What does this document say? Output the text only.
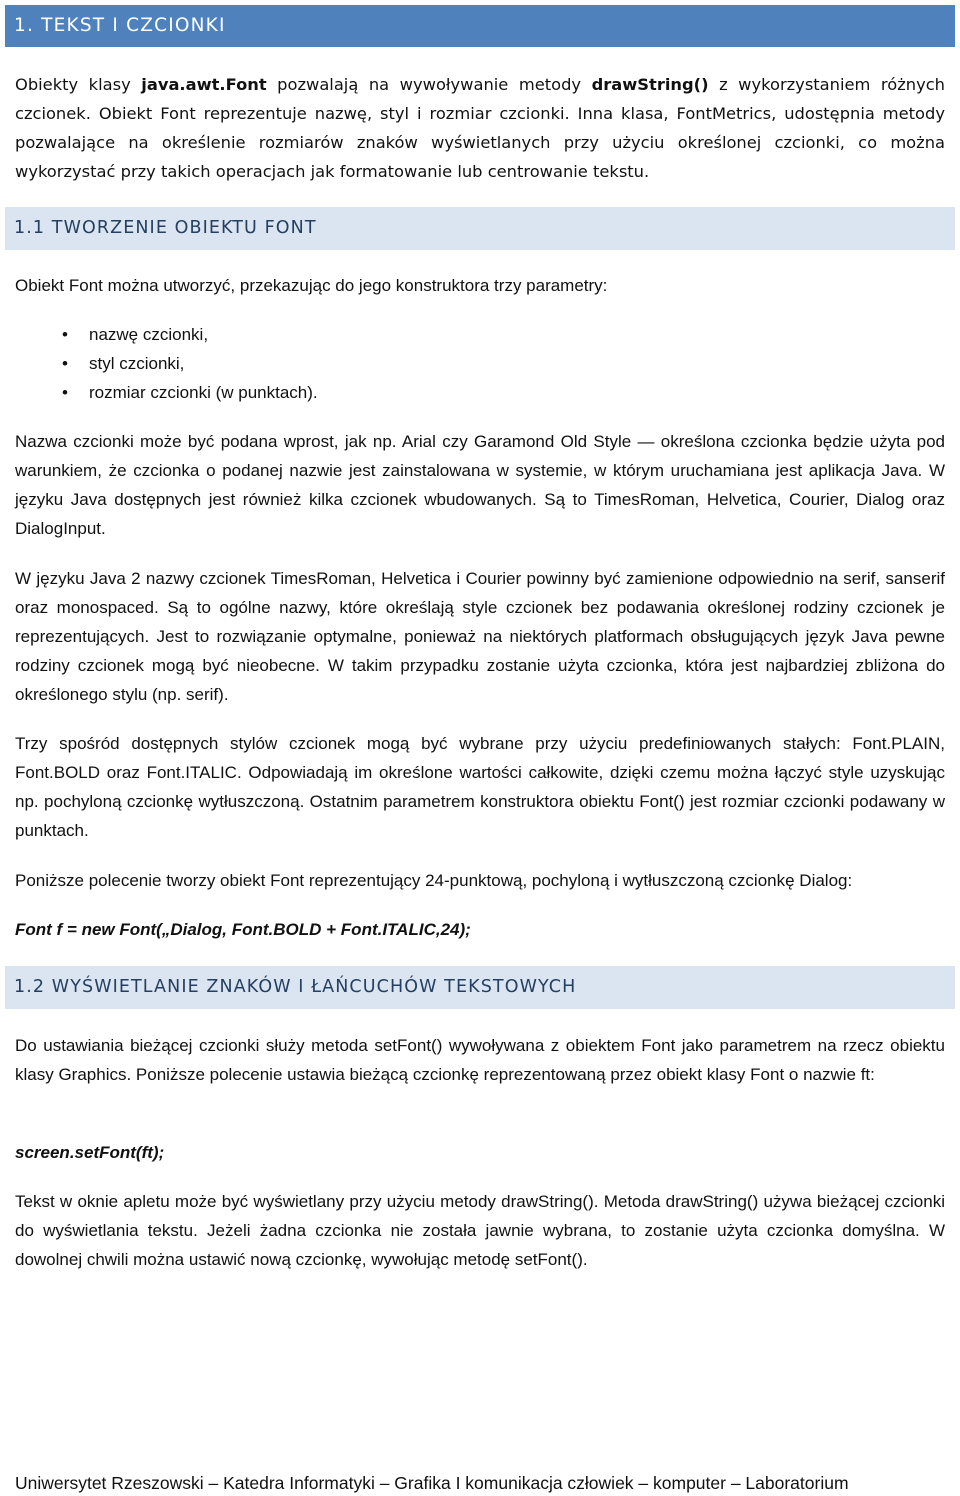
1. TEKST I CZCIONKI

Obiekty klasy java.awt.Font pozwalają na wywoływanie metody drawString() z wykorzystaniem różnych czcionek. Obiekt Font reprezentuje nazwę, styl i rozmiar czcionki. Inna klasa, FontMetrics, udostępnia metody pozwalające na określenie rozmiarów znaków wyświetlanych przy użyciu określonej czcionki, co można wykorzystać przy takich operacjach jak formatowanie lub centrowanie tekstu.

1.1 TWORZENIE OBIEKTU FONT

Obiekt Font można utworzyć, przekazując do jego konstruktora trzy parametry:

• nazwę czcionki,
• styl czcionki,
• rozmiar czcionki (w punktach).

Nazwa czcionki może być podana wprost, jak np. Arial czy Garamond Old Style — określona czcionka będzie użyta pod warunkiem, że czcionka o podanej nazwie jest zainstalowana w systemie, w którym uruchamiana jest aplikacja Java. W języku Java dostępnych jest również kilka czcionek wbudowanych. Są to TimesRoman, Helvetica, Courier, Dialog oraz DialogInput.

W języku Java 2 nazwy czcionek TimesRoman, Helvetica i Courier powinny być zamienione odpowiednio na serif, sanserif oraz monospaced. Są to ogólne nazwy, które określają style czcionek bez podawania określonej rodziny czcionek je reprezentujących. Jest to rozwiązanie optymalne, ponieważ na niektórych platformach obsługujących język Java pewne rodziny czcionek mogą być nieobecne. W takim przypadku zostanie użyta czcionka, która jest najbardziej zbliżona do określonego stylu (np. serif).

Trzy spośród dostępnych stylów czcionek mogą być wybrane przy użyciu predefiniowanych stałych: Font.PLAIN, Font.BOLD oraz Font.ITALIC. Odpowiadają im określone wartości całkowite, dzięki czemu można łączyć style uzyskując np. pochyloną czcionkę wytłuszczoną. Ostatnim parametrem konstruktora obiektu Font() jest rozmiar czcionki podawany w punktach.

Poniższe polecenie tworzy obiekt Font reprezentujący 24-punktową, pochyloną i wytłuszczoną czcionkę Dialog:

Font f = new Font(„Dialog, Font.BOLD + Font.ITALIC,24);

1.2 WYŚWIETLANIE ZNAKÓW I ŁAŃCUCHÓW TEKSTOWYCH

Do ustawiania bieżącej czcionki służy metoda setFont() wywoływana z obiektem Font jako parametrem na rzecz obiektu klasy Graphics. Poniższe polecenie ustawia bieżącą czcionkę reprezentowaną przez obiekt klasy Font o nazwie ft:

screen.setFont(ft);

Tekst w oknie apletu może być wyświetlany przy użyciu metody drawString(). Metoda drawString() używa bieżącej czcionki do wyświetlania tekstu. Jeżeli żadna czcionka nie została jawnie wybrana, to zostanie użyta czcionka domyślna. W dowolnej chwili można ustawić nową czcionkę, wywołując metodę setFont().

Uniwersytet Rzeszowski – Katedra Informatyki – Grafika I komunikacja człowiek – komputer – Laboratorium
